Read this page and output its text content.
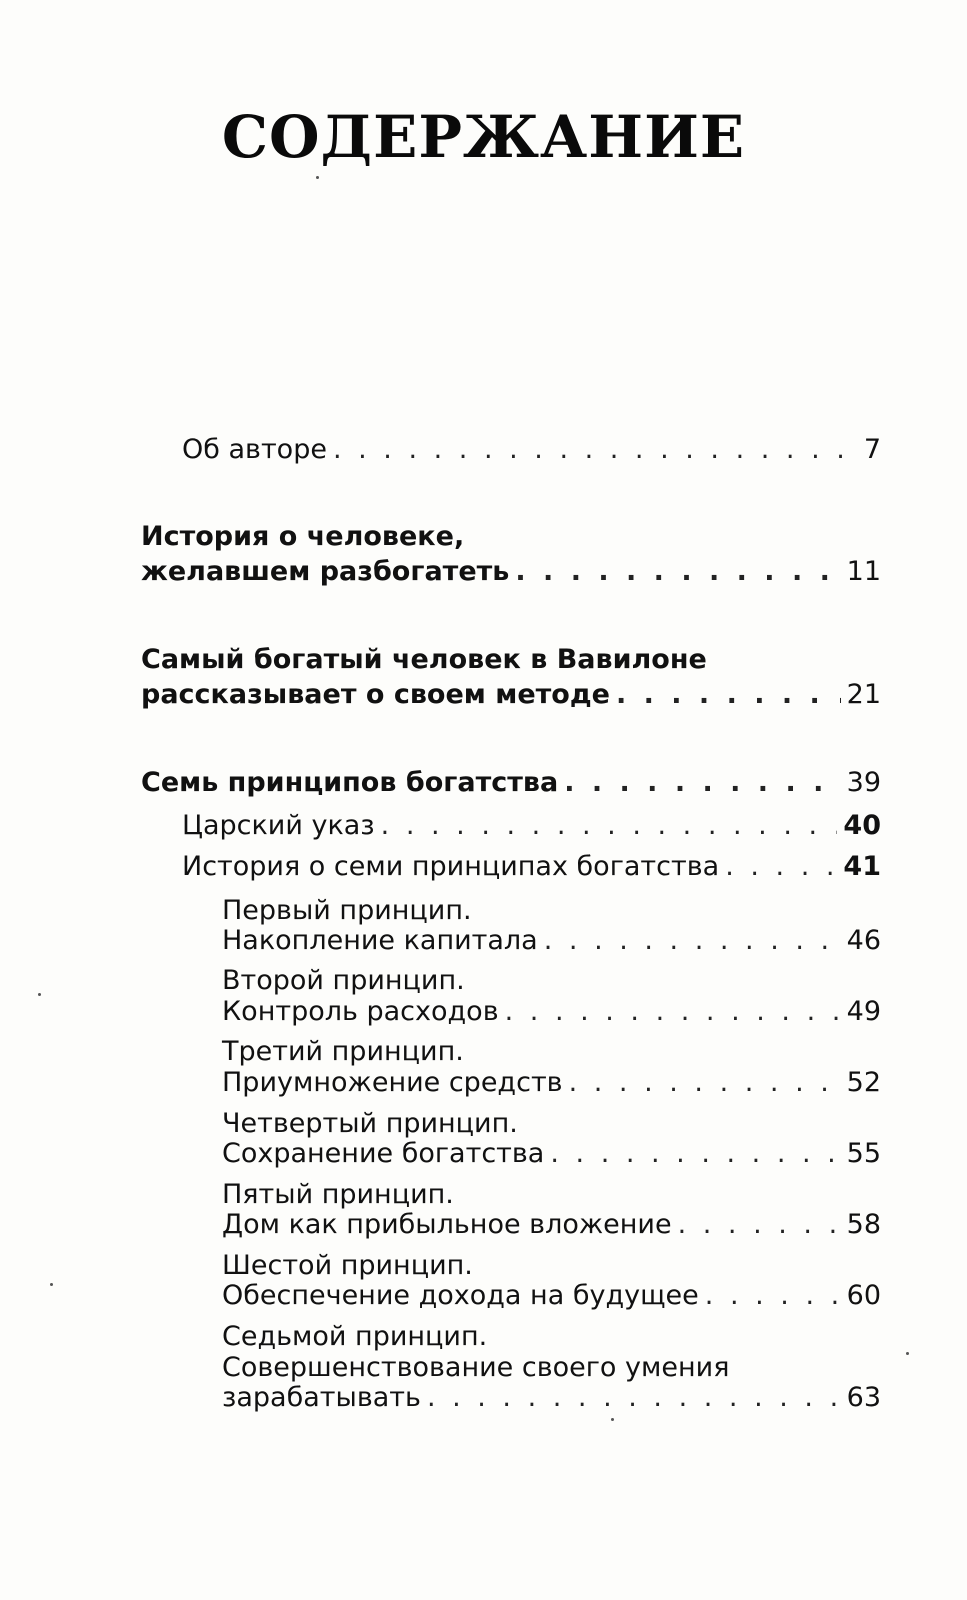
СОДЕРЖАНИЕ
Об авторе . . .	7
История о человеке,
желавшем разбогатеть . . .	11
Самый богатый человек в Вавилоне
рассказывает о своем методе . . .	21
Семь принципов богатства . . .	39
Царский указ . . .	40
История о семи принципах богатства . . .	41
Первый принцип.
Накопление капитала . . .	46
Второй принцип.
Контроль расходов . . .	49
Третий принцип.
Приумножение средств . . .	52
Четвертый принцип.
Сохранение богатства . . .	55
Пятый принцип.
Дом как прибыльное вложение . . .	58
Шестой принцип.
Обеспечение дохода на будущее . . .	60
Седьмой принцип.
Совершенствование своего умения
зарабатывать . . .	63
